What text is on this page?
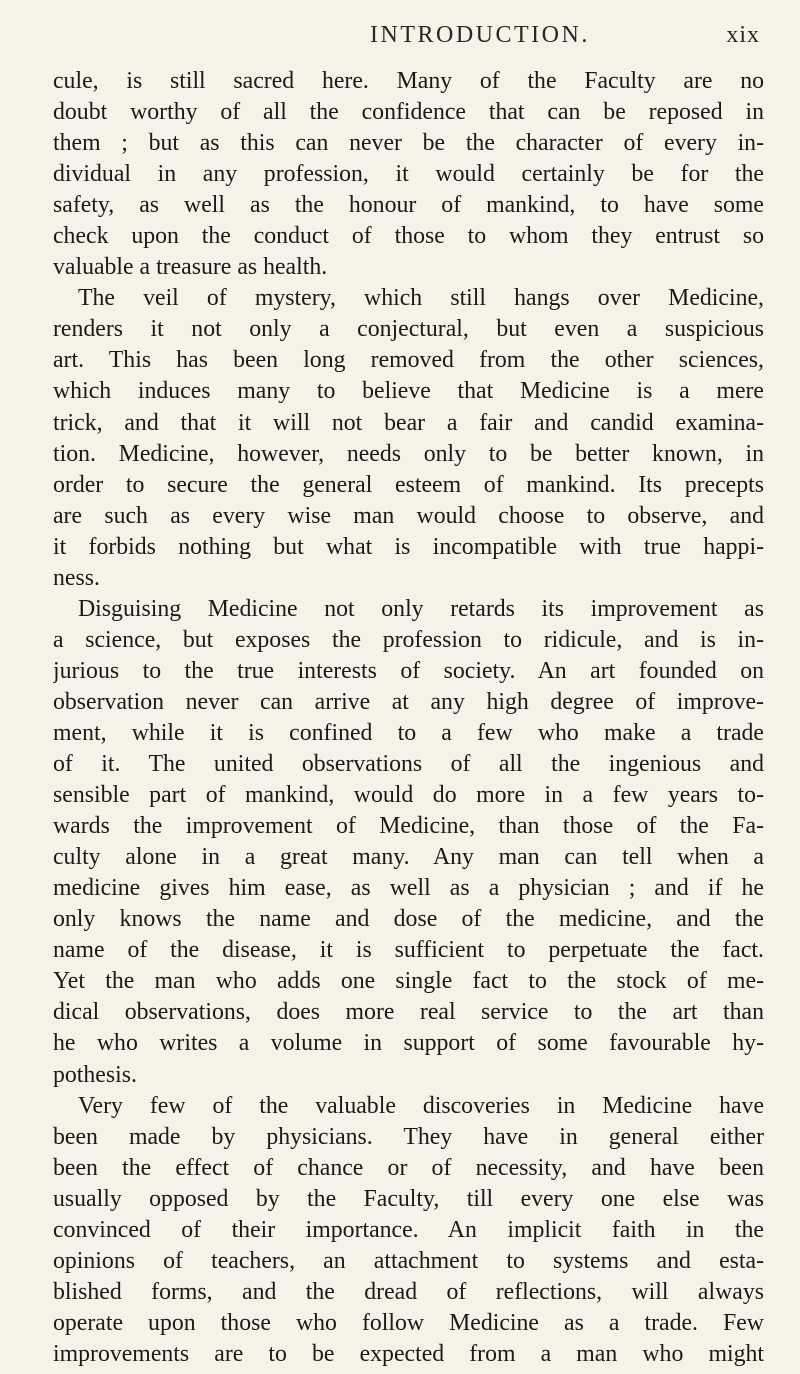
INTRODUCTION.	xix
cule, is still sacred here. Many of the Faculty are no
doubt worthy of all the confidence that can be reposed in
them ; but as this can never be the character of every in-
dividual in any profession, it would certainly be for the
safety, as well as the honour of mankind, to have some
check upon the conduct of those to whom they entrust so
valuable a treasure as health.
The veil of mystery, which still hangs over Medicine,
renders it not only a conjectural, but even a suspicious
art. This has been long removed from the other sciences,
which induces many to believe that Medicine is a mere
trick, and that it will not bear a fair and candid examina-
tion. Medicine, however, needs only to be better known, in
order to secure the general esteem of mankind. Its precepts
are such as every wise man would choose to observe, and
it forbids nothing but what is incompatible with true happi-
ness.
Disguising Medicine not only retards its improvement as
a science, but exposes the profession to ridicule, and is in-
jurious to the true interests of society. An art founded on
observation never can arrive at any high degree of improve-
ment, while it is confined to a few who make a trade
of it. The united observations of all the ingenious and
sensible part of mankind, would do more in a few years to-
wards the improvement of Medicine, than those of the Fa-
culty alone in a great many. Any man can tell when a
medicine gives him ease, as well as a physician ; and if he
only knows the name and dose of the medicine, and the
name of the disease, it is sufficient to perpetuate the fact.
Yet the man who adds one single fact to the stock of me-
dical observations, does more real service to the art than
he who writes a volume in support of some favourable hy-
pothesis.
Very few of the valuable discoveries in Medicine have
been made by physicians. They have in general either
been the effect of chance or of necessity, and have been
usually opposed by the Faculty, till every one else was
convinced of their importance. An implicit faith in the
opinions of teachers, an attachment to systems and esta-
blished forms, and the dread of reflections, will always
operate upon those who follow Medicine as a trade. Few
improvements are to be expected from a man who might
